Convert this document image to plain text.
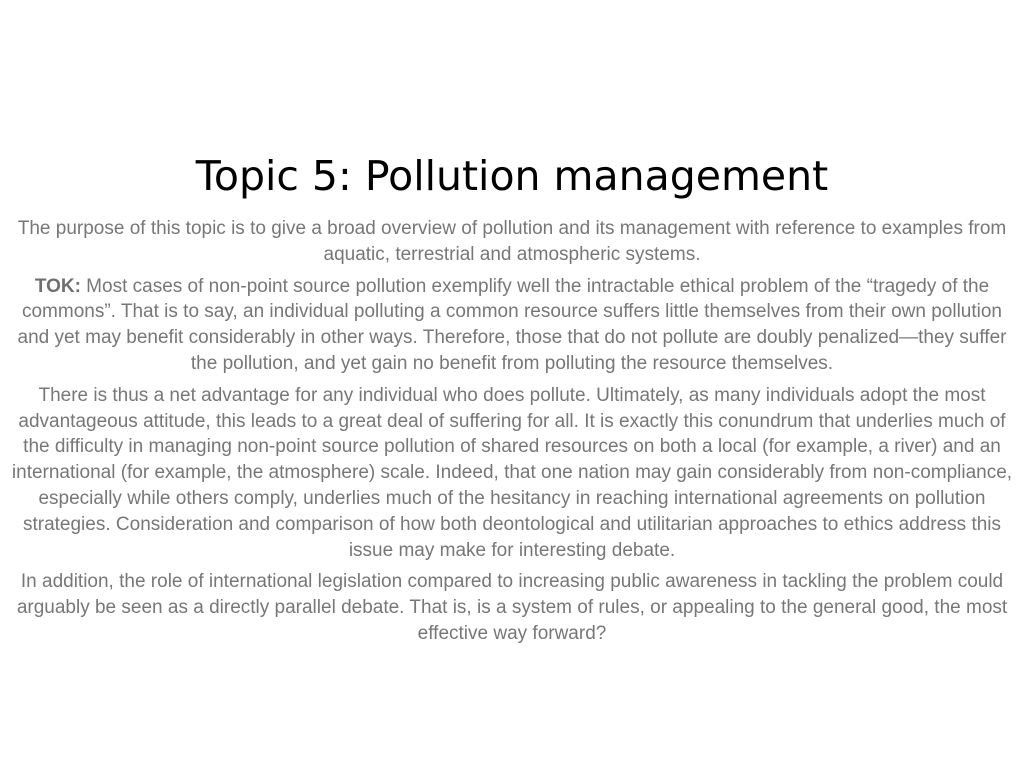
Topic 5: Pollution management

The purpose of this topic is to give a broad overview of pollution and its management with reference to examples from aquatic, terrestrial and atmospheric systems.

TOK: Most cases of non-point source pollution exemplify well the intractable ethical problem of the “tragedy of the commons”. That is to say, an individual polluting a common resource suffers little themselves from their own pollution and yet may benefit considerably in other ways. Therefore, those that do not pollute are doubly penalized—they suffer the pollution, and yet gain no benefit from polluting the resource themselves.

There is thus a net advantage for any individual who does pollute. Ultimately, as many individuals adopt the most advantageous attitude, this leads to a great deal of suffering for all. It is exactly this conundrum that underlies much of the difficulty in managing non-point source pollution of shared resources on both a local (for example, a river) and an international (for example, the atmosphere) scale. Indeed, that one nation may gain considerably from non-compliance, especially while others comply, underlies much of the hesitancy in reaching international agreements on pollution strategies. Consideration and comparison of how both deontological and utilitarian approaches to ethics address this issue may make for interesting debate.

In addition, the role of international legislation compared to increasing public awareness in tackling the problem could arguably be seen as a directly parallel debate. That is, is a system of rules, or appealing to the general good, the most effective way forward?
